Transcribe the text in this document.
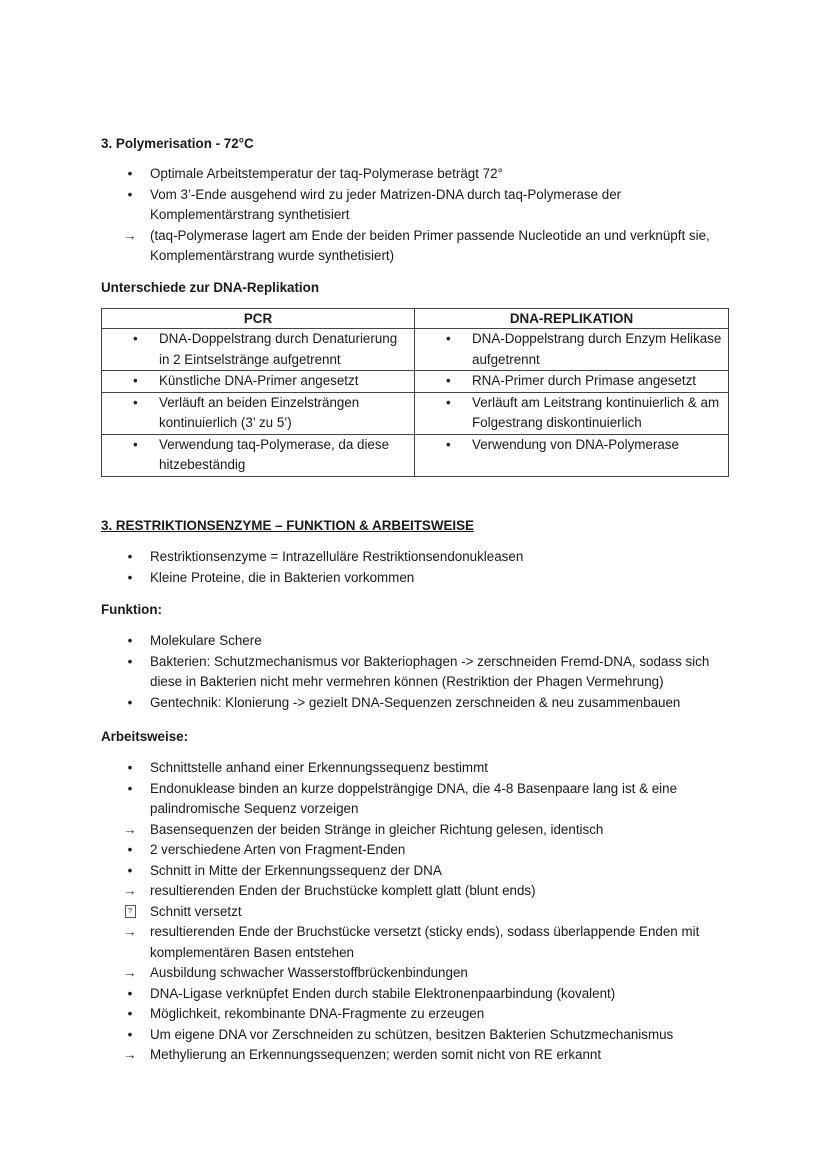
3. Polymerisation - 72°C
•	Optimale Arbeitstemperatur der taq-Polymerase beträgt 72°
•	Vom 3’-Ende ausgehend wird zu jeder Matrizen-DNA durch taq-Polymerase der Komplementärstrang synthetisiert
→ (taq-Polymerase lagert am Ende der beiden Primer passende Nucleotide an und verknüpft sie, Komplementärstrang wurde synthetisiert)
Unterschiede zur DNA-Replikation
PCR	DNA-REPLIKATION

• DNA-Doppelstrang durch Denaturierung in 2 Eintselstränge aufgetrennt	• DNA-Doppelstrang durch Enzym Helikase aufgetrennt

• Künstliche DNA-Primer angesetzt	• RNA-Primer durch Primase angesetzt

• Verläuft an beiden Einzelsträngen kontinuierlich (3’ zu 5’)	• Verläuft am Leitstrang kontinuierlich & am Folgestrang diskontinuierlich

• Verwendung taq-Polymerase, da diese hitzebeständig	• Verwendung von DNA-Polymerase
3. RESTRIKTIONSENZYME – FUNKTION & ARBEITSWEISE
•	Restriktionsenzyme = Intrazelluläre Restriktionsendonukleasen
•	Kleine Proteine, die in Bakterien vorkommen
Funktion:
•	Molekulare Schere
•	Bakterien: Schutzmechanismus vor Bakteriophagen -> zerschneiden Fremd-DNA, sodass sich diese in Bakterien nicht mehr vermehren können (Restriktion der Phagen Vermehrung)
•	Gentechnik: Klonierung -> gezielt DNA-Sequenzen zerschneiden & neu zusammenbauen
Arbeitsweise:
•	Schnittstelle anhand einer Erkennungssequenz bestimmt
•	Endonuklease binden an kurze doppelsträngige DNA, die 4-8 Basenpaare lang ist & eine palindromische Sequenz vorzeigen
→ Basensequenzen der beiden Stränge in gleicher Richtung gelesen, identisch
•	2 verschiedene Arten von Fragment-Enden
•	Schnitt in Mitte der Erkennungssequenz der DNA
→ resultierenden Enden der Bruchstücke komplett glatt (blunt ends)
?	Schnitt versetzt
→ resultierenden Ende der Bruchstücke versetzt (sticky ends), sodass überlappende Enden mit komplementären Basen entstehen
→ Ausbildung schwacher Wasserstoffbrückenbindungen
•	DNA-Ligase verknüpfet Enden durch stabile Elektronenpaarbindung (kovalent)
•	Möglichkeit, rekombinante DNA-Fragmente zu erzeugen
•	Um eigene DNA vor Zerschneiden zu schützen, besitzen Bakterien Schutzmechanismus
→ Methylierung an Erkennungssequenzen; werden somit nicht von RE erkannt
